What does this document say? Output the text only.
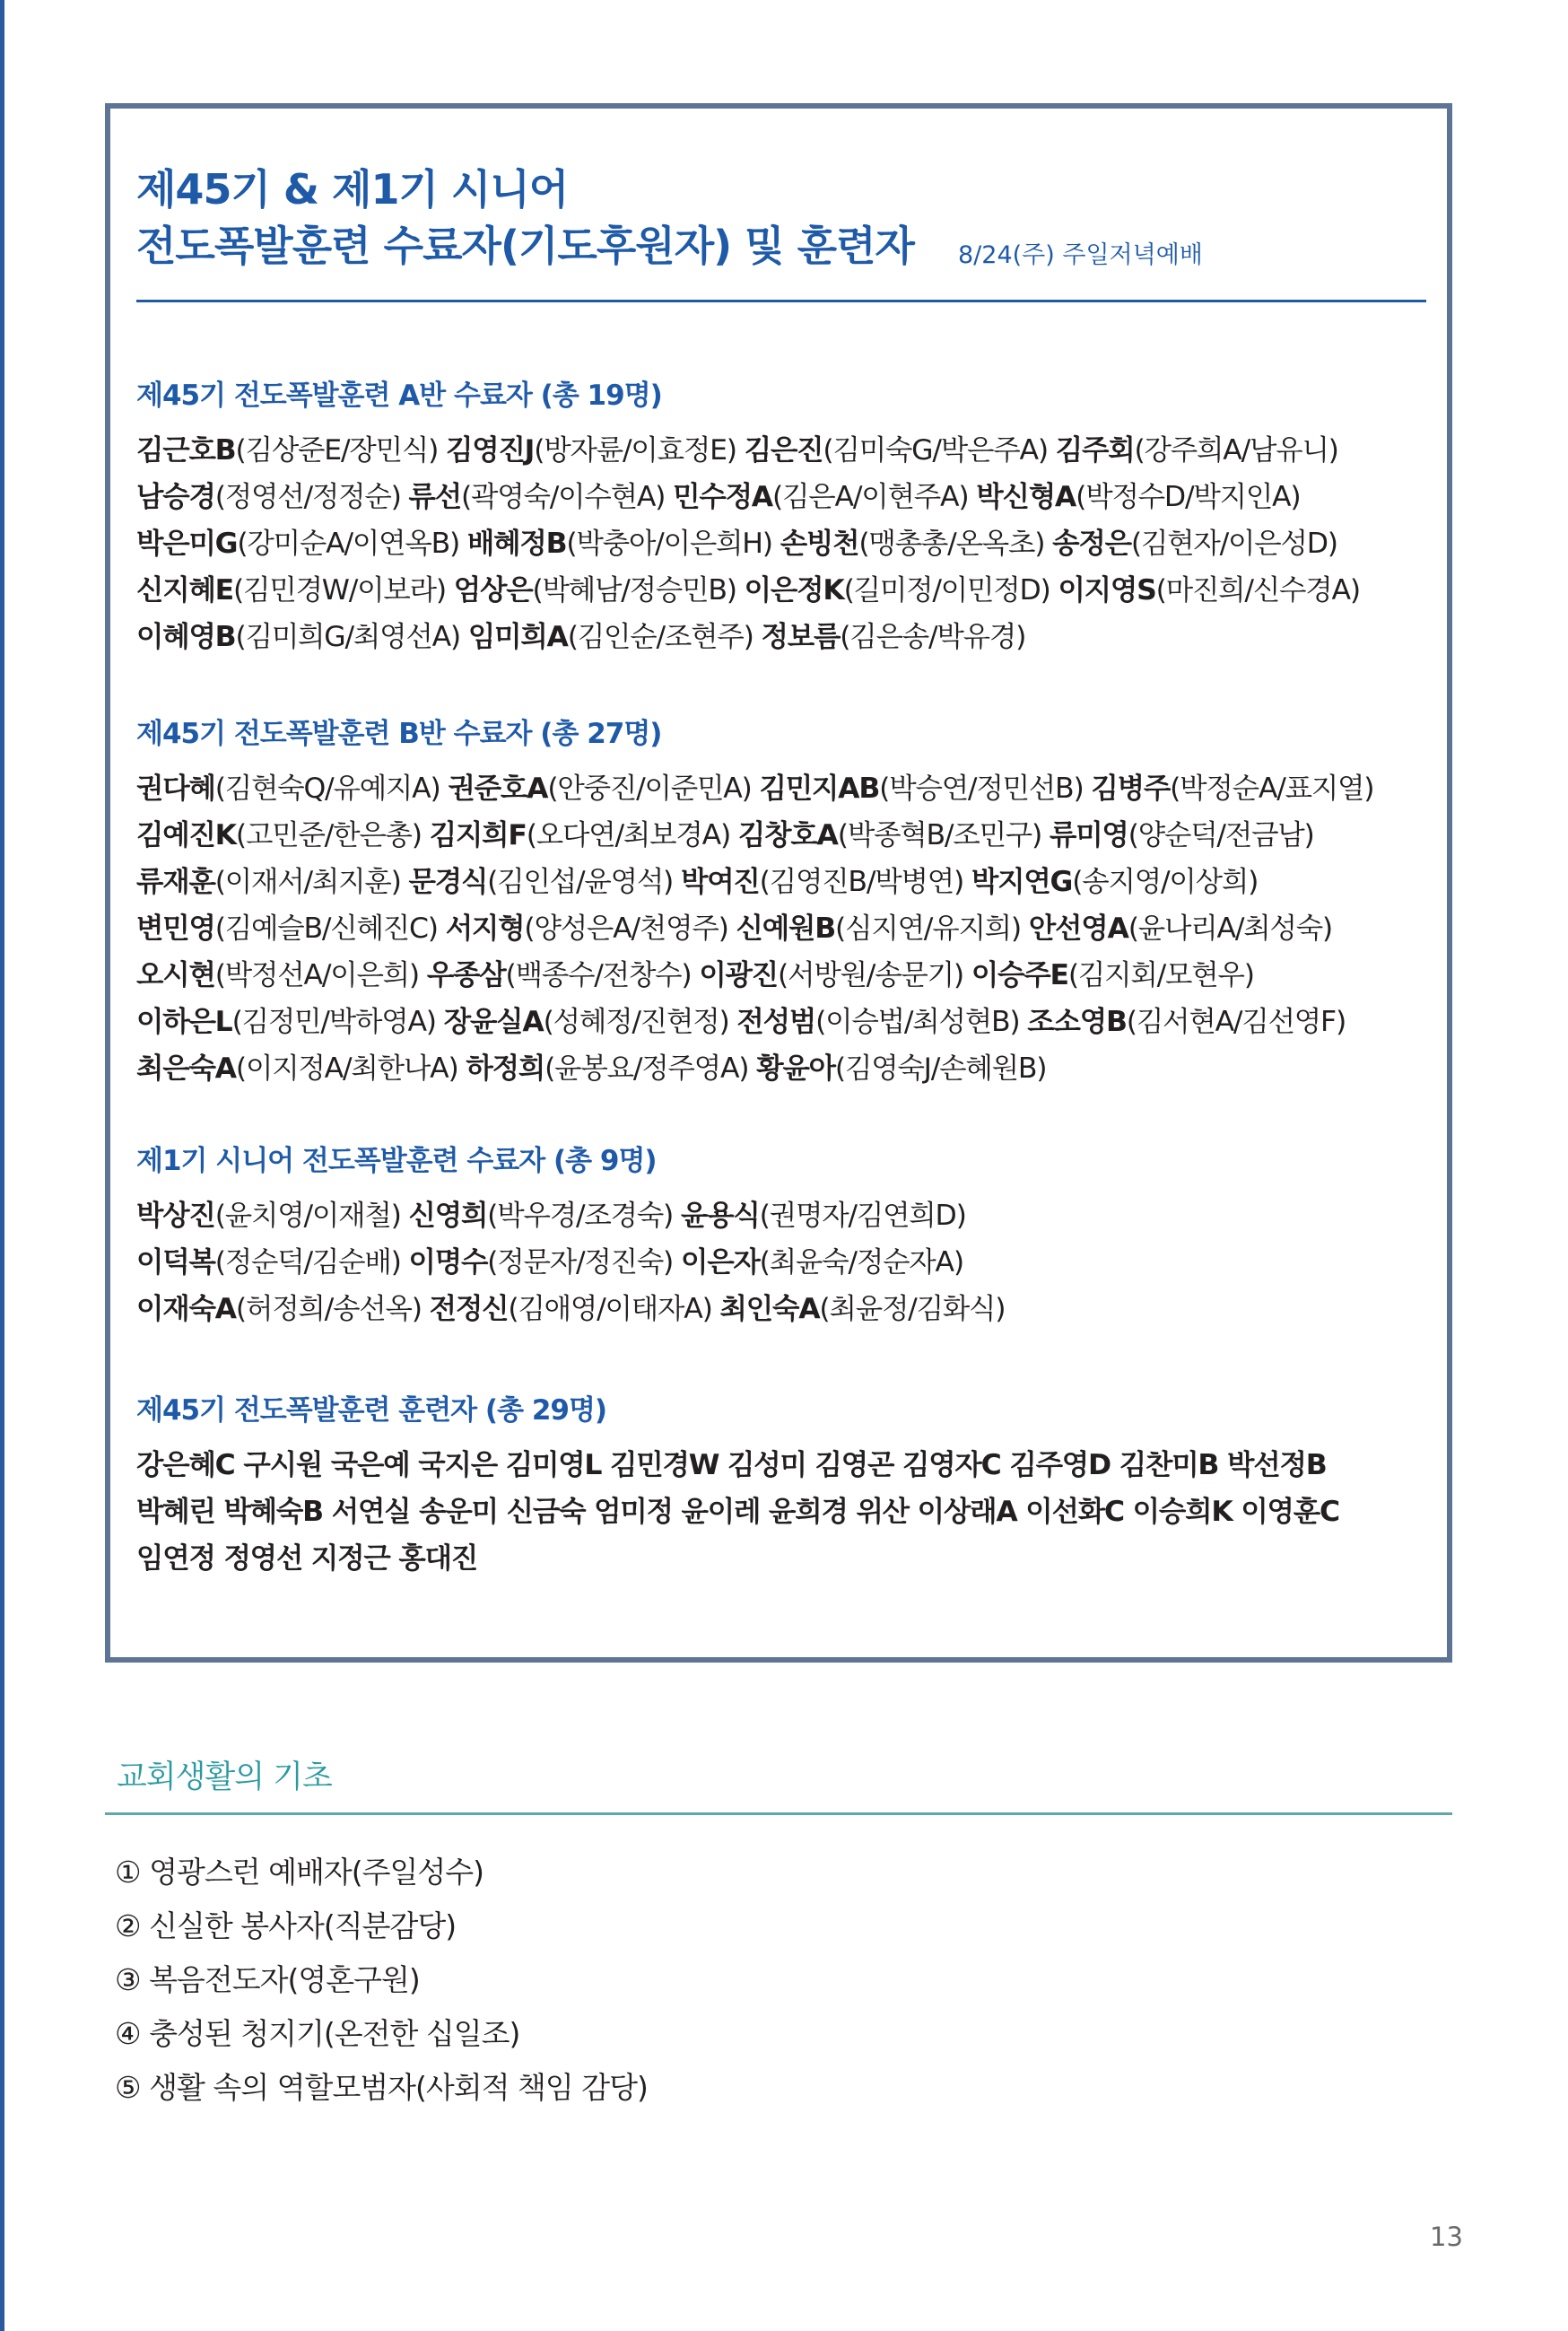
제45기 & 제1기 시니어
전도폭발훈련 수료자(기도후원자) 및 훈련자 8/24(주) 주일저녁예배
제45기 전도폭발훈련 A반 수료자 (총 19명)
김근호B(김상준E/장민식) 김영진J(방자륜/이효정E) 김은진(김미숙G/박은주A) 김주회(강주희A/남유니)
남승경(정영선/정정순) 류선(곽영숙/이수현A) 민수정A(김은A/이현주A) 박신형A(박정수D/박지인A)
박은미G(강미순A/이연옥B) 배혜정B(박충아/이은희H) 손빙천(맹총총/온옥초) 송정은(김현자/이은성D)
신지혜E(김민경W/이보라) 엄상은(박혜남/정승민B) 이은정K(길미정/이민정D) 이지영S(마진희/신수경A)
이혜영B(김미희G/최영선A) 임미희A(김인순/조현주) 정보름(김은송/박유경)
제45기 전도폭발훈련 B반 수료자 (총 27명)
권다혜(김현숙Q/유예지A) 권준호A(안중진/이준민A) 김민지AB(박승연/정민선B) 김병주(박정순A/표지열)
김예진K(고민준/한은총) 김지희F(오다연/최보경A) 김창호A(박종혁B/조민구) 류미영(양순덕/전금남)
류재훈(이재서/최지훈) 문경식(김인섭/윤영석) 박여진(김영진B/박병연) 박지연G(송지영/이상희)
변민영(김예슬B/신혜진C) 서지형(양성은A/천영주) 신예원B(심지연/유지희) 안선영A(윤나리A/최성숙)
오시현(박정선A/이은희) 우종삼(백종수/전창수) 이광진(서방원/송문기) 이승주E(김지회/모현우)
이하은L(김정민/박하영A) 장윤실A(성혜정/진현정) 전성범(이승법/최성현B) 조소영B(김서현A/김선영F)
최은숙A(이지정A/최한나A) 하정희(윤봉요/정주영A) 황윤아(김영숙J/손혜원B)
제1기 시니어 전도폭발훈련 수료자 (총 9명)
박상진(윤치영/이재철) 신영희(박우경/조경숙) 윤용식(권명자/김연희D)
이덕복(정순덕/김순배) 이명수(정문자/정진숙) 이은자(최윤숙/정순자A)
이재숙A(허정희/송선옥) 전정신(김애영/이태자A) 최인숙A(최윤정/김화식)
제45기 전도폭발훈련 훈련자 (총 29명)
강은혜C 구시원 국은예 국지은 김미영L 김민경W 김성미 김영곤 김영자C 김주영D 김찬미B 박선정B
박혜린 박혜숙B 서연실 송운미 신금숙 엄미정 윤이레 윤희경 위산 이상래A 이선화C 이승희K 이영훈C
임연정 정영선 지정근 홍대진
교회생활의 기초
① 영광스런 예배자(주일성수)
② 신실한 봉사자(직분감당)
③ 복음전도자(영혼구원)
④ 충성된 청지기(온전한 십일조)
⑤ 생활 속의 역할모범자(사회적 책임 감당)
13
